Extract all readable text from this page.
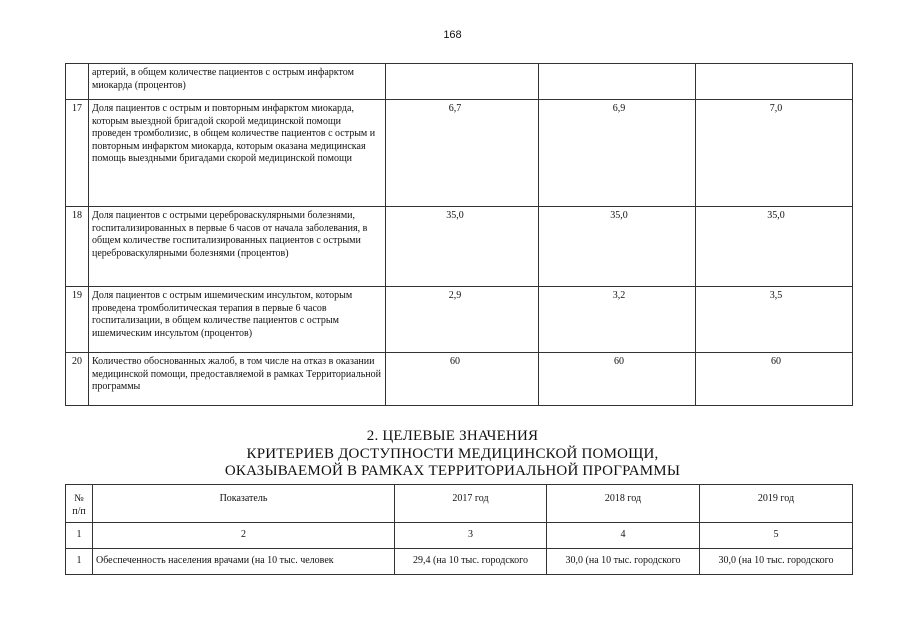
168
	артерий, в общем количестве пациентов с острым инфарктом миокарда (процентов)			
17	Доля пациентов с острым и повторным инфарктом миокарда, которым выездной бригадой скорой медицинской помощи проведен тромболизис, в общем количестве пациентов с острым и повторным инфарктом миокарда, которым оказана медицинская помощь выездными бригадами скорой медицинской помощи	6,7	6,9	7,0
18	Доля пациентов с острыми цереброваскулярными болезнями, госпитализированных в первые 6 часов от начала заболевания, в общем количестве госпитализированных пациентов с острыми цереброваскулярными болезнями (процентов)	35,0	35,0	35,0
19	Доля пациентов с острым ишемическим инсультом, которым проведена тромболитическая терапия в первые 6 часов госпитализации, в общем количестве пациентов с острым ишемическим инсультом (процентов)	2,9	3,2	3,5
20	Количество обоснованных жалоб, в том числе на отказ в оказании медицинской помощи, предоставляемой в рамках Территориальной программы	60	60	60
2. ЦЕЛЕВЫЕ ЗНАЧЕНИЯ
КРИТЕРИЕВ ДОСТУПНОСТИ МЕДИЦИНСКОЙ ПОМОЩИ,
ОКАЗЫВАЕМОЙ В РАМКАХ ТЕРРИТОРИАЛЬНОЙ ПРОГРАММЫ
№
п/п	Показатель	2017 год	2018 год	2019 год
1	2	3	4	5
1	Обеспеченность населения врачами (на 10 тыс. человек	29,4 (на 10 тыс. городского	30,0 (на 10 тыс. городского	30,0 (на 10 тыс. городского
